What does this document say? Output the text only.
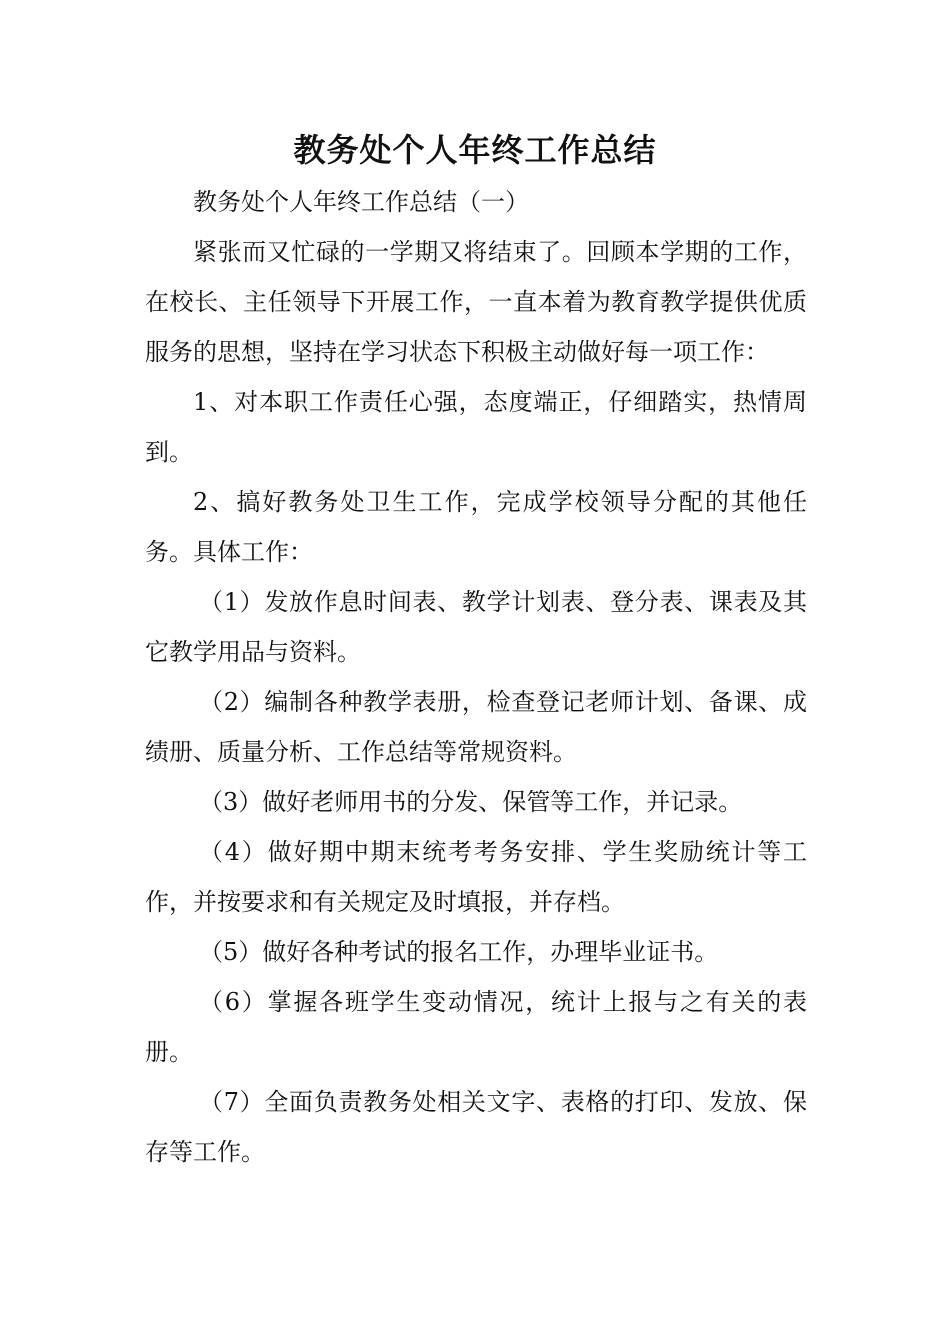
教务处个人年终工作总结

教务处个人年终工作总结（一）

紧张而又忙碌的一学期又将结束了。回顾本学期的工作，在校长、主任领导下开展工作，一直本着为教育教学提供优质服务的思想，坚持在学习状态下积极主动做好每一项工作：

1、对本职工作责任心强，态度端正，仔细踏实，热情周到。

2、搞好教务处卫生工作，完成学校领导分配的其他任务。具体工作：

（1）发放作息时间表、教学计划表、登分表、课表及其它教学用品与资料。

（2）编制各种教学表册，检查登记老师计划、备课、成绩册、质量分析、工作总结等常规资料。

（3）做好老师用书的分发、保管等工作，并记录。

（4）做好期中期末统考考务安排、学生奖励统计等工作，并按要求和有关规定及时填报，并存档。

（5）做好各种考试的报名工作，办理毕业证书。

（6）掌握各班学生变动情况，统计上报与之有关的表册。

（7）全面负责教务处相关文字、表格的打印、发放、保存等工作。
